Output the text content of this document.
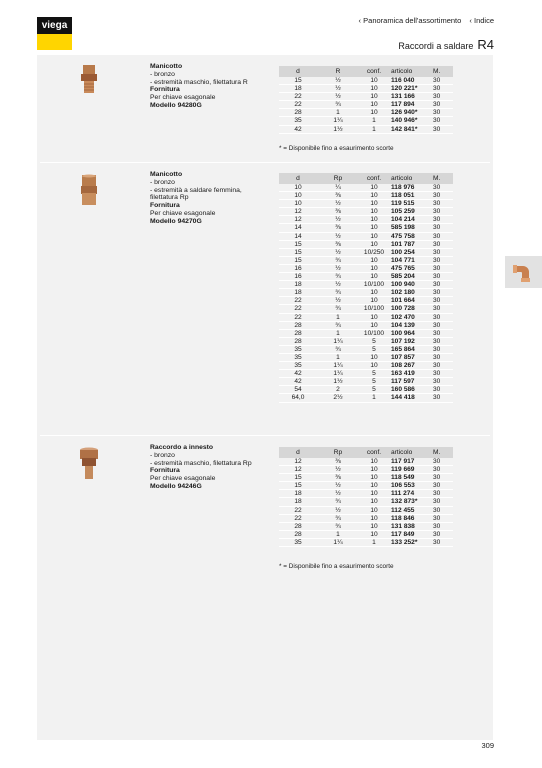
viega	‹ Panoramica dell'assortimento ‹ Indice
Raccordi a saldare R4
Manicotto
- bronzo
- estremità maschio, filettatura R
Fornitura
Per chiave esagonale
Modello 94280G
d	R	conf.	articolo	M.
15	½	10	116 040	30
18	½	10	120 221*	30
22	½	10	131 166	30
22	¾	10	117 894	30
28	1	10	126 940*	30
35	1¼	1	140 946*	30
42	1½	1	142 841*	30
* = Disponibile fino a esaurimento scorte
Manicotto
- bronzo
- estremità a saldare femmina,
filettatura Rp
Fornitura
Per chiave esagonale
Modello 94270G
d	Rp	conf.	articolo	M.
10	¼	10	118 976	30
10	⅜	10	118 051	30
10	½	10	119 515	30
12	⅜	10	105 259	30
12	½	10	104 214	30
14	⅜	10	585 198	30
14	½	10	475 758	30
15	⅜	10	101 787	30
15	½	10/250	100 254	30
15	¾	10	104 771	30
16	½	10	475 765	30
16	¾	10	585 204	30
18	½	10/100	100 940	30
18	¾	10	102 180	30
22	½	10	101 664	30
22	¾	10/100	100 728	30
22	1	10	102 470	30
28	¾	10	104 139	30
28	1	10/100	100 964	30
28	1¼	5	107 192	30
35	¾	5	165 864	30
35	1	10	107 857	30
35	1¼	10	108 267	30
42	1¼	5	163 419	30
42	1½	5	117 597	30
54	2	5	160 586	30
64,0	2½	1	144 418	30
Raccordo a innesto
- bronzo
- estremità maschio, filettatura Rp
Fornitura
Per chiave esagonale
Modello 94246G
d	Rp	conf.	articolo	M.
12	⅜	10	117 917	30
12	½	10	119 669	30
15	⅜	10	118 549	30
15	½	10	106 553	30
18	½	10	111 274	30
18	¾	10	132 873*	30
22	½	10	112 455	30
22	¾	10	118 846	30
28	¾	10	131 838	30
28	1	10	117 849	30
35	1¼	1	133 252*	30
* = Disponibile fino a esaurimento scorte
309
